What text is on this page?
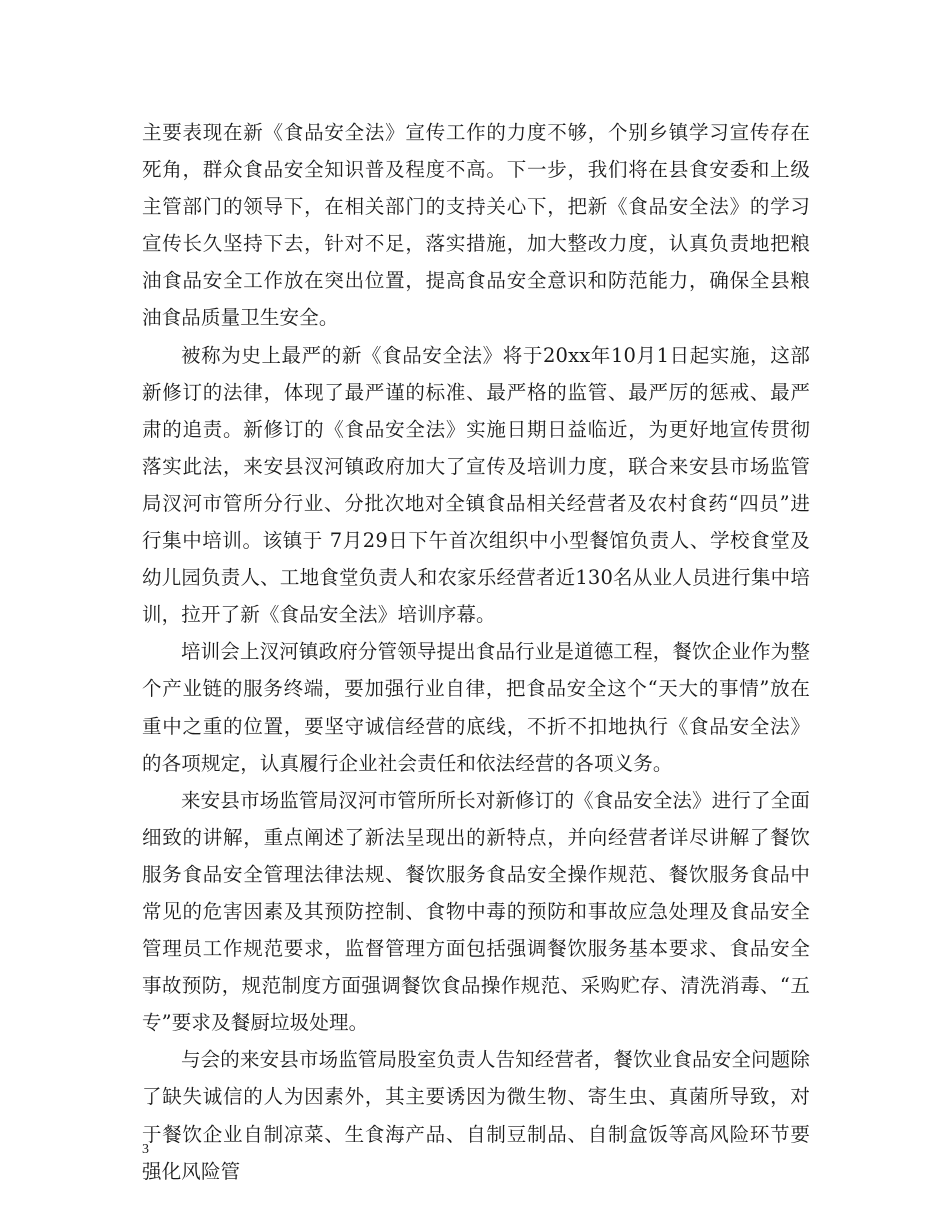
主要表现在新《食品安全法》宣传工作的力度不够，个别乡镇学习宣传存在死角，群众食品安全知识普及程度不高。下一步，我们将在县食安委和上级主管部门的领导下，在相关部门的支持关心下，把新《食品安全法》的学习宣传长久坚持下去，针对不足，落实措施，加大整改力度，认真负责地把粮油食品安全工作放在突出位置，提高食品安全意识和防范能力，确保全县粮油食品质量卫生安全。

被称为史上最严的新《食品安全法》将于20xx年10月1日起实施，这部新修订的法律，体现了最严谨的标准、最严格的监管、最严厉的惩戒、最严肃的追责。新修订的《食品安全法》实施日期日益临近，为更好地宣传贯彻落实此法，来安县汊河镇政府加大了宣传及培训力度，联合来安县市场监管局汊河市管所分行业、分批次地对全镇食品相关经营者及农村食药“四员”进行集中培训。该镇于 7月29日下午首次组织中小型餐馆负责人、学校食堂及幼儿园负责人、工地食堂负责人和农家乐经营者近130名从业人员进行集中培训，拉开了新《食品安全法》培训序幕。

培训会上汊河镇政府分管领导提出食品行业是道德工程，餐饮企业作为整个产业链的服务终端，要加强行业自律，把食品安全这个“天大的事情”放在重中之重的位置，要坚守诚信经营的底线，不折不扣地执行《食品安全法》的各项规定，认真履行企业社会责任和依法经营的各项义务。

来安县市场监管局汊河市管所所长对新修订的《食品安全法》进行了全面细致的讲解，重点阐述了新法呈现出的新特点，并向经营者详尽讲解了餐饮服务食品安全管理法律法规、餐饮服务食品安全操作规范、餐饮服务食品中常见的危害因素及其预防控制、食物中毒的预防和事故应急处理及食品安全管理员工作规范要求，监督管理方面包括强调餐饮服务基本要求、食品安全事故预防，规范制度方面强调餐饮食品操作规范、采购贮存、清洗消毒、“五专”要求及餐厨垃圾处理。

与会的来安县市场监管局股室负责人告知经营者，餐饮业食品安全问题除了缺失诚信的人为因素外，其主要诱因为微生物、寄生虫、真菌所导致，对于餐饮企业自制凉菜、生食海产品、自制豆制品、自制盒饭等高风险环节要强化风险管

3
